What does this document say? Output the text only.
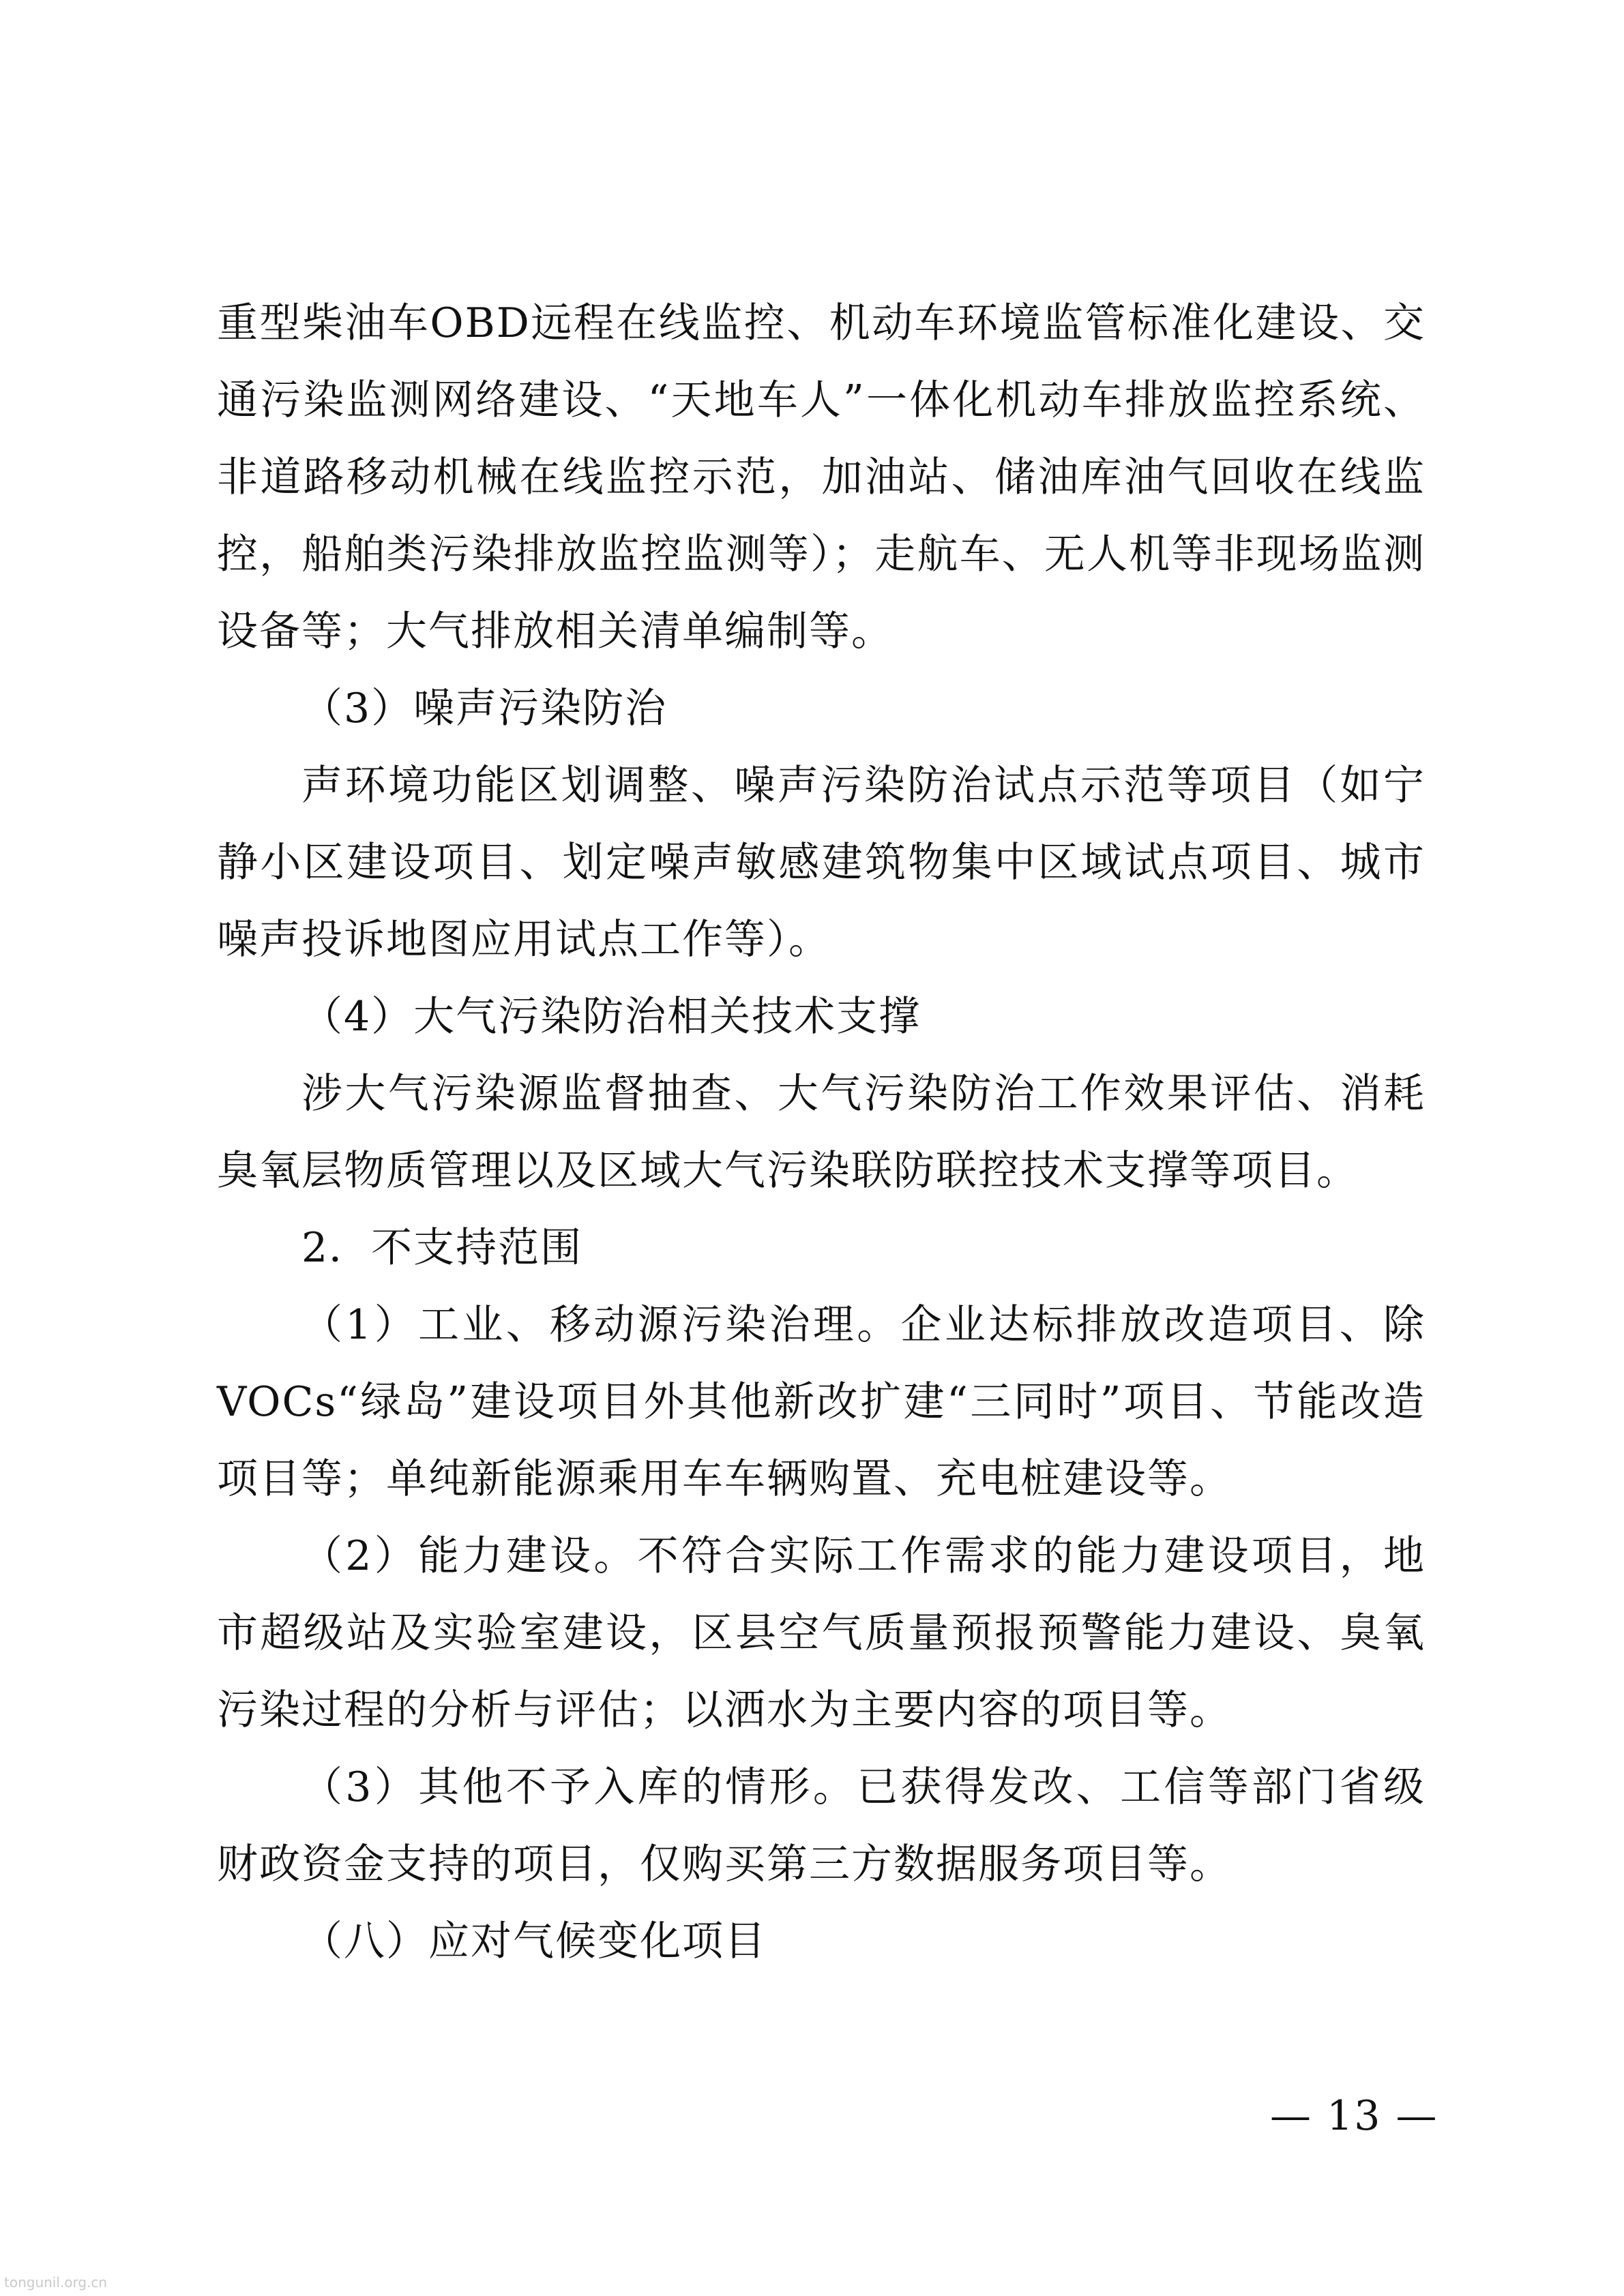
重型柴油车OBD远程在线监控、机动车环境监管标准化建设、交通污染监测网络建设、“天地车人”一体化机动车排放监控系统、非道路移动机械在线监控示范，加油站、储油库油气回收在线监控，船舶类污染排放监控监测等）；走航车、无人机等非现场监测设备等；大气排放相关清单编制等。

（3）噪声污染防治

声环境功能区划调整、噪声污染防治试点示范等项目（如宁静小区建设项目、划定噪声敏感建筑物集中区域试点项目、城市噪声投诉地图应用试点工作等）。

（4）大气污染防治相关技术支撑

涉大气污染源监督抽查、大气污染防治工作效果评估、消耗臭氧层物质管理以及区域大气污染联防联控技术支撑等项目。

2．不支持范围

（1）工业、移动源污染治理。企业达标排放改造项目、除VOCs“绿岛”建设项目外其他新改扩建“三同时”项目、节能改造项目等；单纯新能源乘用车车辆购置、充电桩建设等。

（2）能力建设。不符合实际工作需求的能力建设项目，地市超级站及实验室建设，区县空气质量预报预警能力建设、臭氧污染过程的分析与评估；以洒水为主要内容的项目等。

（3）其他不予入库的情形。已获得发改、工信等部门省级财政资金支持的项目，仅购买第三方数据服务项目等。

（八）应对气候变化项目

— 13 —
tongunil.org.cn
